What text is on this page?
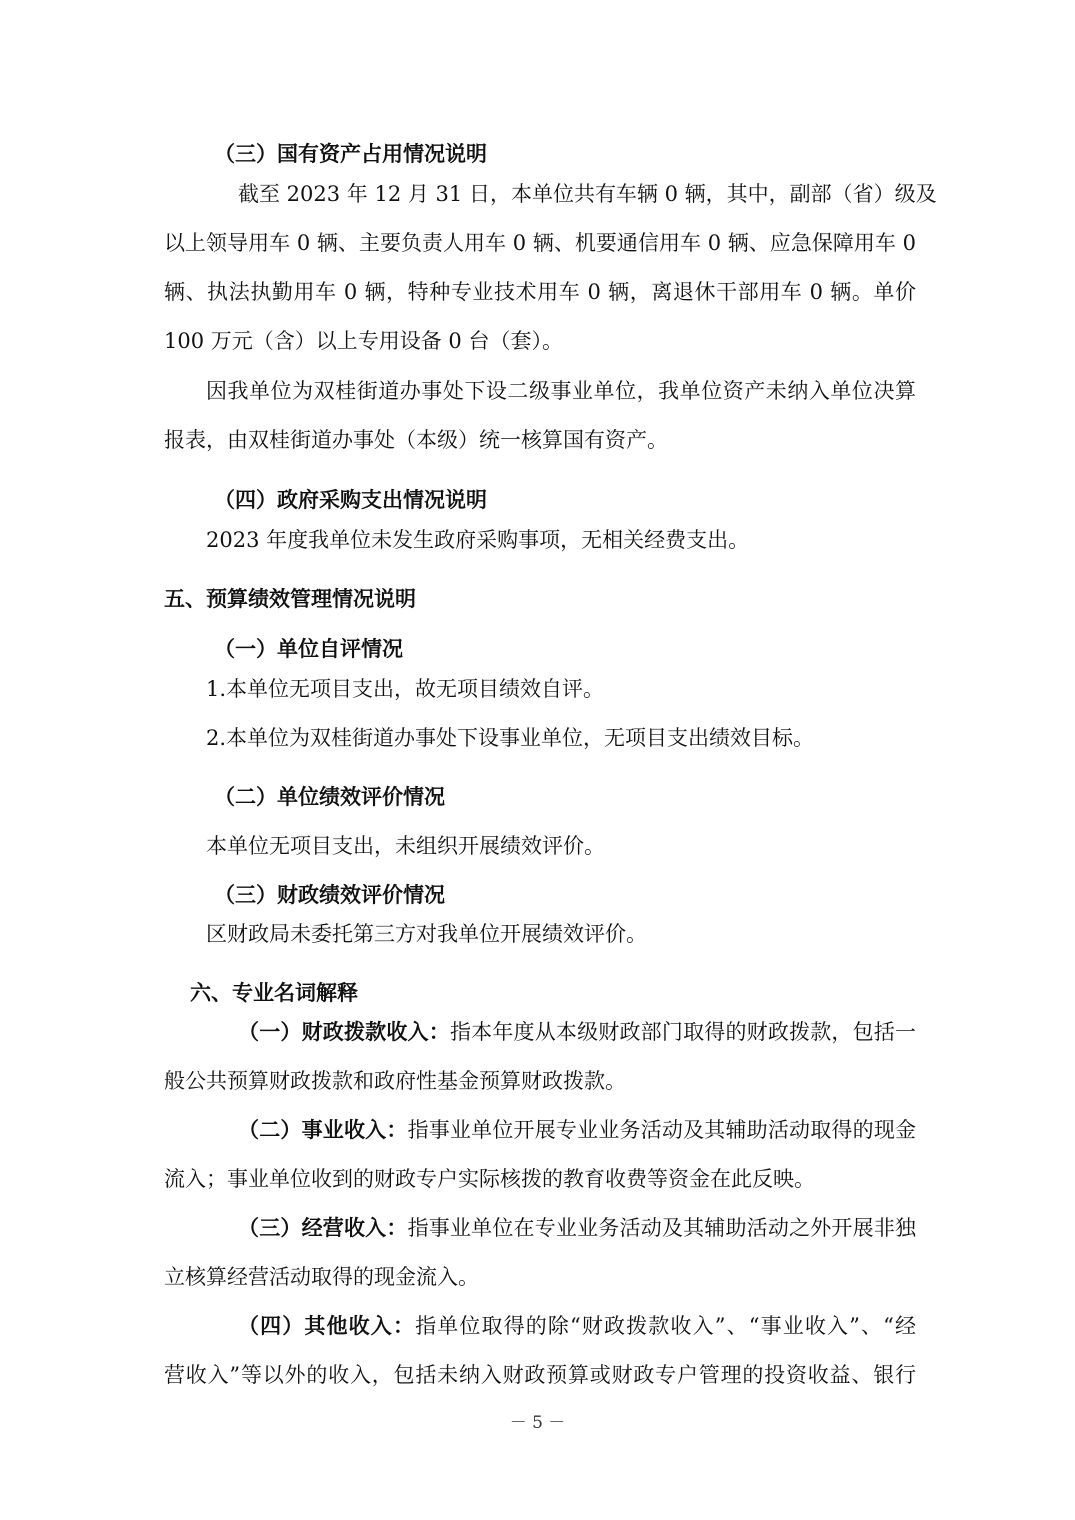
（三）国有资产占用情况说明

截至 2023 年 12 月 31 日，本单位共有车辆 0 辆，其中，副部（省）级及

以上领导用车 0 辆、主要负责人用车 0 辆、机要通信用车 0 辆、应急保障用车 0

辆、执法执勤用车 0 辆，特种专业技术用车 0 辆，离退休干部用车 0 辆。单价

100 万元（含）以上专用设备 0 台（套）。

因我单位为双桂街道办事处下设二级事业单位，我单位资产未纳入单位决算

报表，由双桂街道办事处（本级）统一核算国有资产。

（四）政府采购支出情况说明

2023 年度我单位未发生政府采购事项，无相关经费支出。

五、预算绩效管理情况说明

（一）单位自评情况

1.本单位无项目支出，故无项目绩效自评。

2.本单位为双桂街道办事处下设事业单位，无项目支出绩效目标。

（二）单位绩效评价情况

本单位无项目支出，未组织开展绩效评价。

（三）财政绩效评价情况

区财政局未委托第三方对我单位开展绩效评价。

六、专业名词解释

（一）财政拨款收入：指本年度从本级财政部门取得的财政拨款，包括一

般公共预算财政拨款和政府性基金预算财政拨款。

（二）事业收入：指事业单位开展专业业务活动及其辅助活动取得的现金

流入；事业单位收到的财政专户实际核拨的教育收费等资金在此反映。

（三）经营收入：指事业单位在专业业务活动及其辅助活动之外开展非独

立核算经营活动取得的现金流入。

（四）其他收入：指单位取得的除“财政拨款收入”、“事业收入”、“经

营收入”等以外的收入，包括未纳入财政预算或财政专户管理的投资收益、银行

－ 5 －
